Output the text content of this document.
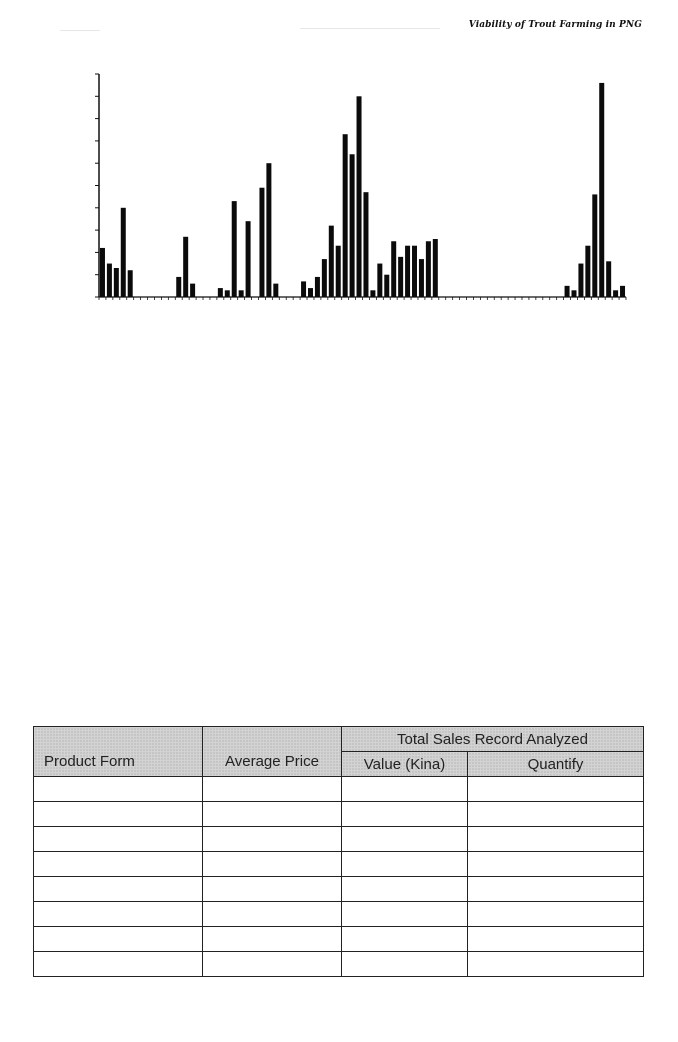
Viability of Trout Farming in PNG
Product Form	Average Price	Total Sales Record Analyzed	
		Value (Kina)	Quantify
